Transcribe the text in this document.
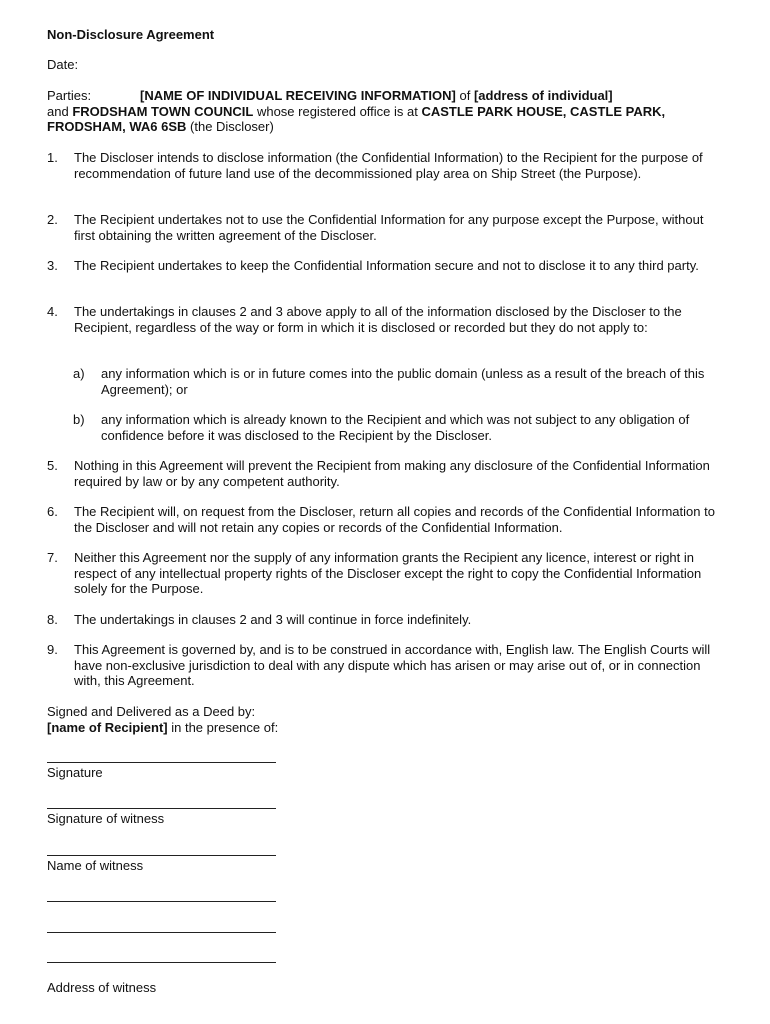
Non-Disclosure Agreement
Date:
Parties:	[NAME OF INDIVIDUAL RECEIVING INFORMATION] of [address of individual]
and FRODSHAM TOWN COUNCIL whose registered office is at CASTLE PARK HOUSE, CASTLE PARK, FRODSHAM, WA6 6SB (the Discloser)
1. The Discloser intends to disclose information (the Confidential Information) to the Recipient for the purpose of recommendation of future land use of the decommissioned play area on Ship Street (the Purpose).
2. The Recipient undertakes not to use the Confidential Information for any purpose except the Purpose, without first obtaining the written agreement of the Discloser.
3. The Recipient undertakes to keep the Confidential Information secure and not to disclose it to any third party.
4. The undertakings in clauses 2 and 3 above apply to all of the information disclosed by the Discloser to the Recipient, regardless of the way or form in which it is disclosed or recorded but they do not apply to:
a) any information which is or in future comes into the public domain (unless as a result of the breach of this Agreement); or
b) any information which is already known to the Recipient and which was not subject to any obligation of confidence before it was disclosed to the Recipient by the Discloser.
5. Nothing in this Agreement will prevent the Recipient from making any disclosure of the Confidential Information required by law or by any competent authority.
6. The Recipient will, on request from the Discloser, return all copies and records of the Confidential Information to the Discloser and will not retain any copies or records of the Confidential Information.
7. Neither this Agreement nor the supply of any information grants the Recipient any licence, interest or right in respect of any intellectual property rights of the Discloser except the right to copy the Confidential Information solely for the Purpose.
8. The undertakings in clauses 2 and 3 will continue in force indefinitely.
9. This Agreement is governed by, and is to be construed in accordance with, English law. The English Courts will have non-exclusive jurisdiction to deal with any dispute which has arisen or may arise out of, or in connection with, this Agreement.
Signed and Delivered as a Deed by:
[name of Recipient] in the presence of:
Signature
Signature of witness
Name of witness
Address of witness
